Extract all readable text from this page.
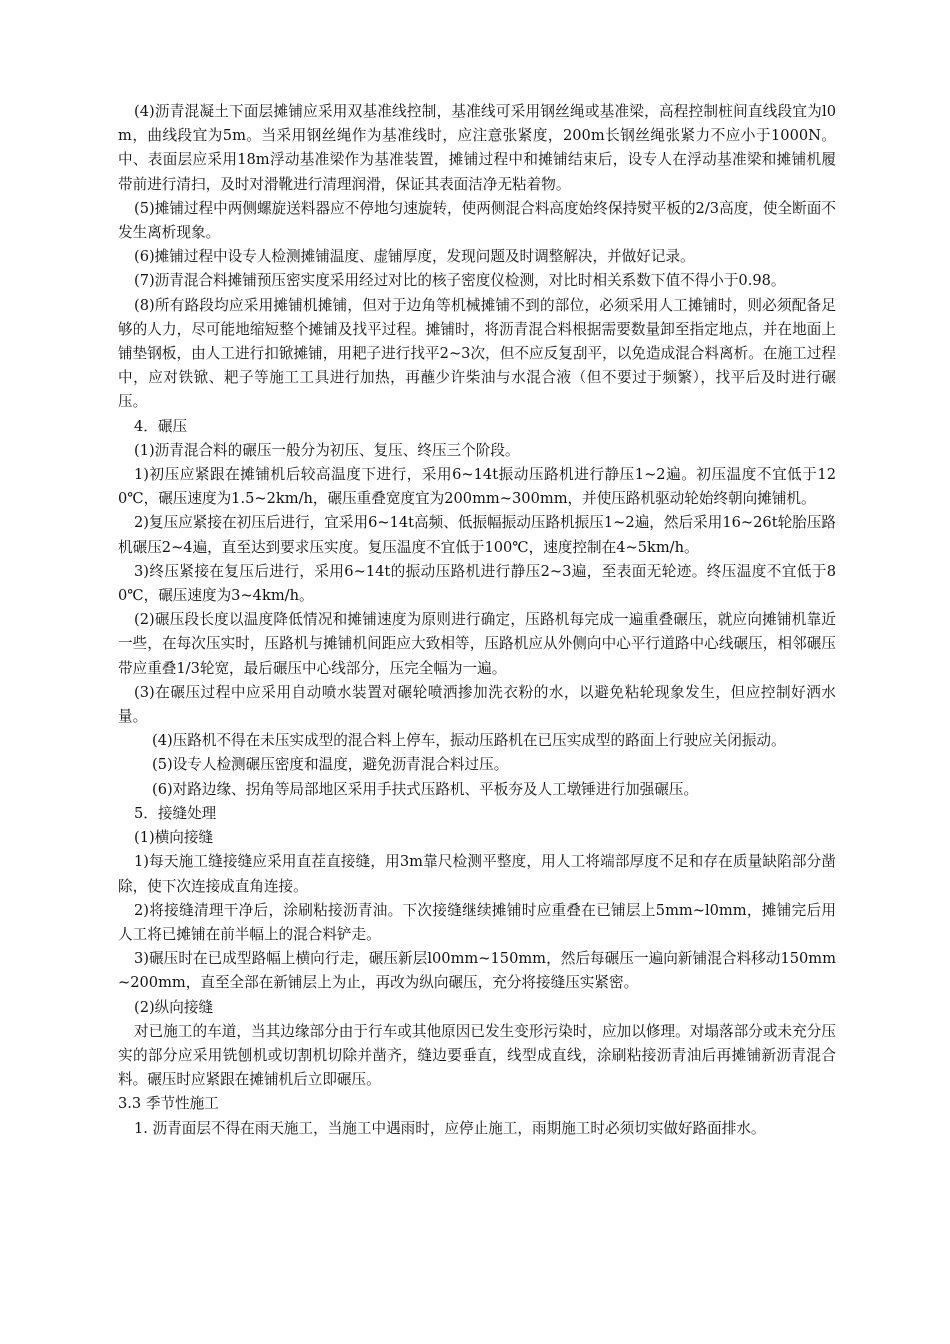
(4)沥青混凝土下面层摊铺应采用双基准线控制，基准线可采用钢丝绳或基准梁，高程控制桩间直线段宜为l0m，曲线段宜为5m。当采用钢丝绳作为基准线时，应注意张紧度，200m长钢丝绳张紧力不应小于1000N。中、表面层应采用18m浮动基准梁作为基准装置，摊铺过程中和摊铺结束后，设专人在浮动基准梁和摊铺机履带前进行清扫，及时对滑靴进行清理润滑，保证其表面洁净无粘着物。

(5)摊铺过程中两侧螺旋送料器应不停地匀速旋转，使两侧混合料高度始终保持熨平板的2/3高度，使全断面不发生离析现象。

(6)摊铺过程中设专人检测摊铺温度、虚铺厚度，发现问题及时调整解决，并做好记录。

(7)沥青混合料摊铺预压密实度采用经过对比的核子密度仪检测，对比时相关系数下值不得小于0.98。

(8)所有路段均应采用摊铺机摊铺，但对于边角等机械摊铺不到的部位，必须采用人工摊铺时，则必须配备足够的人力，尽可能地缩短整个摊铺及找平过程。摊铺时，将沥青混合料根据需要数量卸至指定地点，并在地面上铺垫钢板，由人工进行扣锨摊铺，用耙子进行找平2~3次，但不应反复刮平，以免造成混合料离析。在施工过程中，应对铁锨、耙子等施工工具进行加热，再蘸少许柴油与水混合液（但不要过于频繁），找平后及时进行碾压。

4．碾压

(1)沥青混合料的碾压一般分为初压、复压、终压三个阶段。

1)初压应紧跟在摊铺机后较高温度下进行，采用6~14t振动压路机进行静压1~2遍。初压温度不宜低于120℃，碾压速度为1.5~2km/h，碾压重叠宽度宜为200mm~300mm，并使压路机驱动轮始终朝向摊铺机。

2)复压应紧接在初压后进行，宜采用6~14t高频、低振幅振动压路机振压1~2遍，然后采用16~26t轮胎压路机碾压2~4遍，直至达到要求压实度。复压温度不宜低于100℃，速度控制在4~5km/h。

3)终压紧接在复压后进行，采用6~14t的振动压路机进行静压2~3遍，至表面无轮迹。终压温度不宜低于80℃，碾压速度为3~4km/h。

(2)碾压段长度以温度降低情况和摊铺速度为原则进行确定，压路机每完成一遍重叠碾压，就应向摊铺机靠近一些，在每次压实时，压路机与摊铺机间距应大致相等，压路机应从外侧向中心平行道路中心线碾压，相邻碾压带应重叠1/3轮宽，最后碾压中心线部分，压完全幅为一遍。

(3)在碾压过程中应采用自动喷水装置对碾轮喷洒掺加洗衣粉的水，以避免粘轮现象发生，但应控制好洒水量。

(4)压路机不得在未压实成型的混合料上停车，振动压路机在已压实成型的路面上行驶应关闭振动。

(5)设专人检测碾压密度和温度，避免沥青混合料过压。

(6)对路边缘、拐角等局部地区采用手扶式压路机、平板夯及人工墩锤进行加强碾压。

5．接缝处理

(1)横向接缝

1)每天施工缝接缝应采用直茬直接缝，用3m靠尺检测平整度，用人工将端部厚度不足和存在质量缺陷部分凿除，使下次连接成直角连接。

2)将接缝清理干净后，涂刷粘接沥青油。下次接缝继续摊铺时应重叠在已铺层上5mm~l0mm，摊铺完后用人工将已摊铺在前半幅上的混合料铲走。

3)碾压时在已成型路幅上横向行走，碾压新层l00mm~150mm，然后每碾压一遍向新铺混合料移动150mm~200mm，直至全部在新铺层上为止，再改为纵向碾压，充分将接缝压实紧密。

(2)纵向接缝

对已施工的车道，当其边缘部分由于行车或其他原因已发生变形污染时，应加以修理。对塌落部分或未充分压实的部分应采用铣刨机或切割机切除并凿齐，缝边要垂直，线型成直线，涂刷粘接沥青油后再摊铺新沥青混合料。碾压时应紧跟在摊铺机后立即碾压。

3.3 季节性施工

1. 沥青面层不得在雨天施工，当施工中遇雨时，应停止施工，雨期施工时必须切实做好路面排水。
